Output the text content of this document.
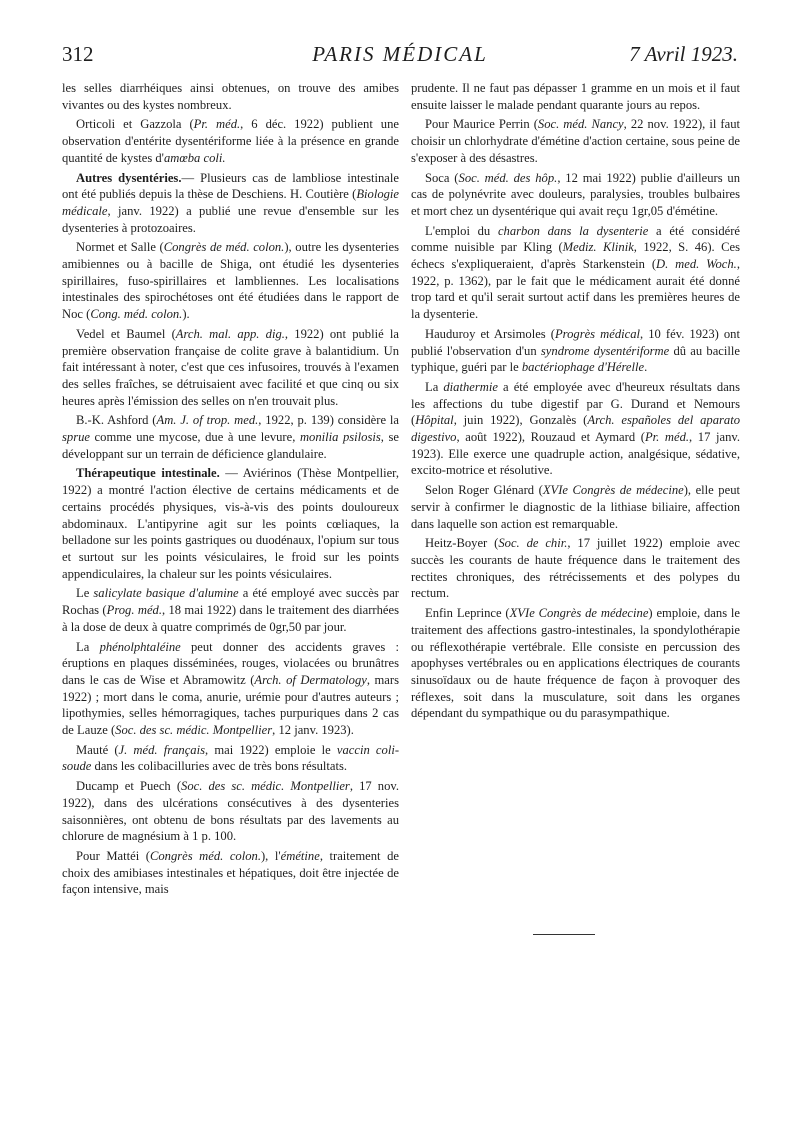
312	PARIS MÉDICAL	7 Avril 1923.

les selles diarrhéiques ainsi obtenues, on trouve des amibes vivantes ou des kystes nombreux.

Orticoli et Gazzola (Pr. méd., 6 déc. 1922) publient une observation d'entérite dysentériforme liée à la présence en grande quantité de kystes d'amœba coli.

Autres dysentéries.— Plusieurs cas de lambliose intestinale ont été publiés depuis la thèse de Deschiens. H. Coutière (Biologie médicale, janv. 1922) a publié une revue d'ensemble sur les dysenteries à protozoaires.

Normet et Salle (Congrès de méd. colon.), outre les dysenteries amibiennes ou à bacille de Shiga, ont étudié les dysenteries spirillaires, fuso-spirillaires et lambliennes. Les localisations intestinales des spirochétoses ont été étudiées dans le rapport de Noc (Cong. méd. colon.).

Vedel et Baumel (Arch. mal. app. dig., 1922) ont publié la première observation française de colite grave à balantidium. Un fait intéressant à noter, c'est que ces infusoires, trouvés à l'examen des selles fraîches, se détruisaient avec facilité et que cinq ou six heures après l'émission des selles on n'en trouvait plus.

B.-K. Ashford (Am. J. of trop. med., 1922, p. 139) considère la sprue comme une mycose, due à une levure, monilia psilosis, se développant sur un terrain de déficience glandulaire.

Thérapeutique intestinale. — Aviérinos (Thèse Montpellier, 1922) a montré l'action élective de certains médicaments et de certains procédés physiques, vis-à-vis des points douloureux abdominaux. L'antipyrine agit sur les points cœliaques, la belladone sur les points gastriques ou duodénaux, l'opium sur tous et surtout sur les points vésiculaires, le froid sur les points appendiculaires, la chaleur sur les points vésiculaires.

Le salicylate basique d'alumine a été employé avec succès par Rochas (Prog. méd., 18 mai 1922) dans le traitement des diarrhées à la dose de deux à quatre comprimés de 0gr,50 par jour.

La phénolphtaléine peut donner des accidents graves : éruptions en plaques disséminées, rouges, violacées ou brunâtres dans le cas de Wise et Abramowitz (Arch. of Dermatology, mars 1922) ; mort dans le coma, anurie, urémie pour d'autres auteurs ; lipothymies, selles hémorragiques, taches purpuriques dans 2 cas de Lauze (Soc. des sc. médic. Montpellier, 12 janv. 1923).

Mauté (J. méd. français, mai 1922) emploie le vaccin coli-soude dans les colibacilluries avec de très bons résultats.

Ducamp et Puech (Soc. des sc. médic. Montpellier, 17 nov. 1922), dans des ulcérations consécutives à des dysenteries saisonnières, ont obtenu de bons résultats par des lavements au chlorure de magnésium à 1 p. 100.

Pour Mattéi (Congrès méd. colon.), l'émétine, traitement de choix des amibiases intestinales et hépatiques, doit être injectée de façon intensive, mais

prudente. Il ne faut pas dépasser 1 gramme en un mois et il faut ensuite laisser le malade pendant quarante jours au repos.

Pour Maurice Perrin (Soc. méd. Nancy, 22 nov. 1922), il faut choisir un chlorhydrate d'émétine d'action certaine, sous peine de s'exposer à des désastres.

Soca (Soc. méd. des hôp., 12 mai 1922) publie d'ailleurs un cas de polynévrite avec douleurs, paralysies, troubles bulbaires et mort chez un dysentérique qui avait reçu 1gr,05 d'émétine.

L'emploi du charbon dans la dysenterie a été considéré comme nuisible par Kling (Mediz. Klinik, 1922, S. 46). Ces échecs s'expliqueraient, d'après Starkenstein (D. med. Woch., 1922, p. 1362), par le fait que le médicament aurait été donné trop tard et qu'il serait surtout actif dans les premières heures de la dysenterie.

Hauduroy et Arsimoles (Progrès médical, 10 fév. 1923) ont publié l'observation d'un syndrome dysentériforme dû au bacille typhique, guéri par le bactériophage d'Hérelle.

La diathermie a été employée avec d'heureux résultats dans les affections du tube digestif par G. Durand et Nemours (Hôpital, juin 1922), Gonzalès (Arch. españoles del aparato digestivo, août 1922), Rouzaud et Aymard (Pr. méd., 17 janv. 1923). Elle exerce une quadruple action, analgésique, sédative, excito-motrice et résolutive.

Selon Roger Glénard (XVIe Congrès de médecine), elle peut servir à confirmer le diagnostic de la lithiase biliaire, affection dans laquelle son action est remarquable.

Heitz-Boyer (Soc. de chir., 17 juillet 1922) emploie avec succès les courants de haute fréquence dans le traitement des rectites chroniques, des rétrécissements et des polypes du rectum.

Enfin Leprince (XVIe Congrès de médecine) emploie, dans le traitement des affections gastro-intestinales, la spondylothérapie ou réflexothérapie vertébrale. Elle consiste en percussion des apophyses vertébrales ou en applications électriques de courants sinusoïdaux ou de haute fréquence de façon à provoquer des réflexes, soit dans la musculature, soit dans les organes dépendant du sympathique ou du parasympathique.
